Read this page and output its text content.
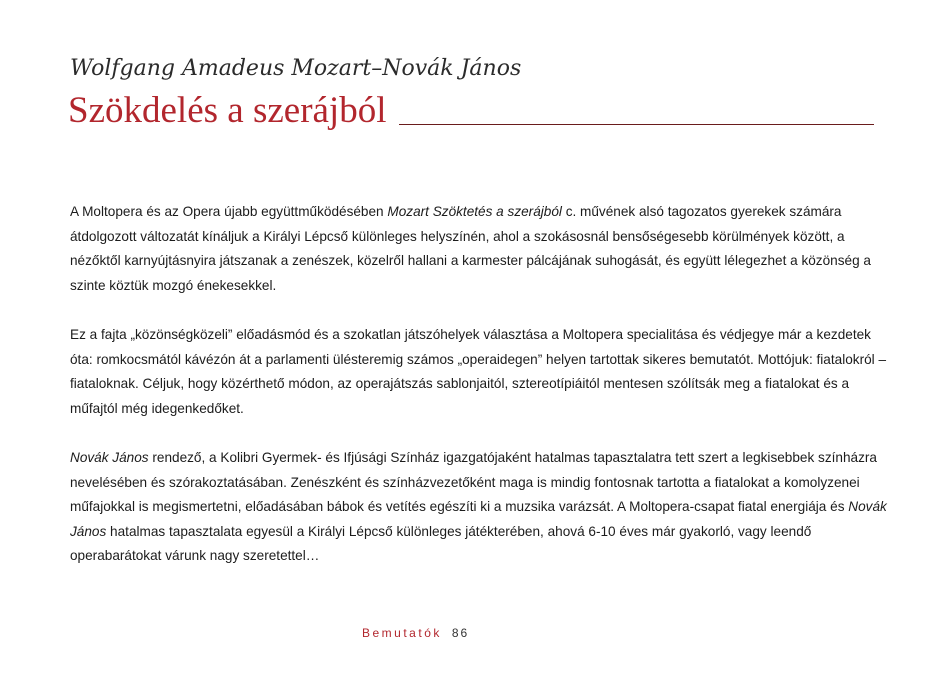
Wolfgang Amadeus Mozart–Novák János
Szökdelés a szerájból

A Moltopera és az Opera újabb együttműködésében Mozart Szöktetés a szerájból c. művének alsó tagozatos gyerekek számára átdolgozott változatát kínáljuk a Királyi Lépcső különleges helyszínén, ahol a szokásosnál bensőségesebb körülmények között, a nézőktől karnyújtásnyira játszanak a zenészek, közelről hallani a karmester pálcájának suhogását, és együtt lélegezhet a közönség a szinte köztük mozgó énekesekkel.

Ez a fajta „közönségközeli” előadásmód és a szokatlan játszóhelyek választása a Moltopera specialitása és védjegye már a kezdetek óta: romkocsmától kávézón át a parlamenti ülésteremig számos „operaidegen” helyen tartottak sikeres bemutatót. Mottójuk: fiatalokról – fiataloknak. Céljuk, hogy közérthető módon, az operajátszás sablonjaitól, sztereotípiáitól mentesen szólítsák meg a fiatalokat és a műfajtól még idegenkedőket.

Novák János rendező, a Kolibri Gyermek- és Ifjúsági Színház igazgatójaként hatalmas tapasztalatra tett szert a legkisebbek színházra nevelésében és szórakoztatásában. Zenészként és színházvezetőként maga is mindig fontosnak tartotta a fiatalokat a komolyzenei műfajokkal is megismertetni, előadásában bábok és vetítés egészíti ki a muzsika varázsát. A Moltopera-csapat fiatal energiája és Novák János hatalmas tapasztalata egyesül a Királyi Lépcső különleges játékterében, ahová 6-10 éves már gyakorló, vagy leendő operabarátokat várunk nagy szeretettel…

Bemutatók 86
